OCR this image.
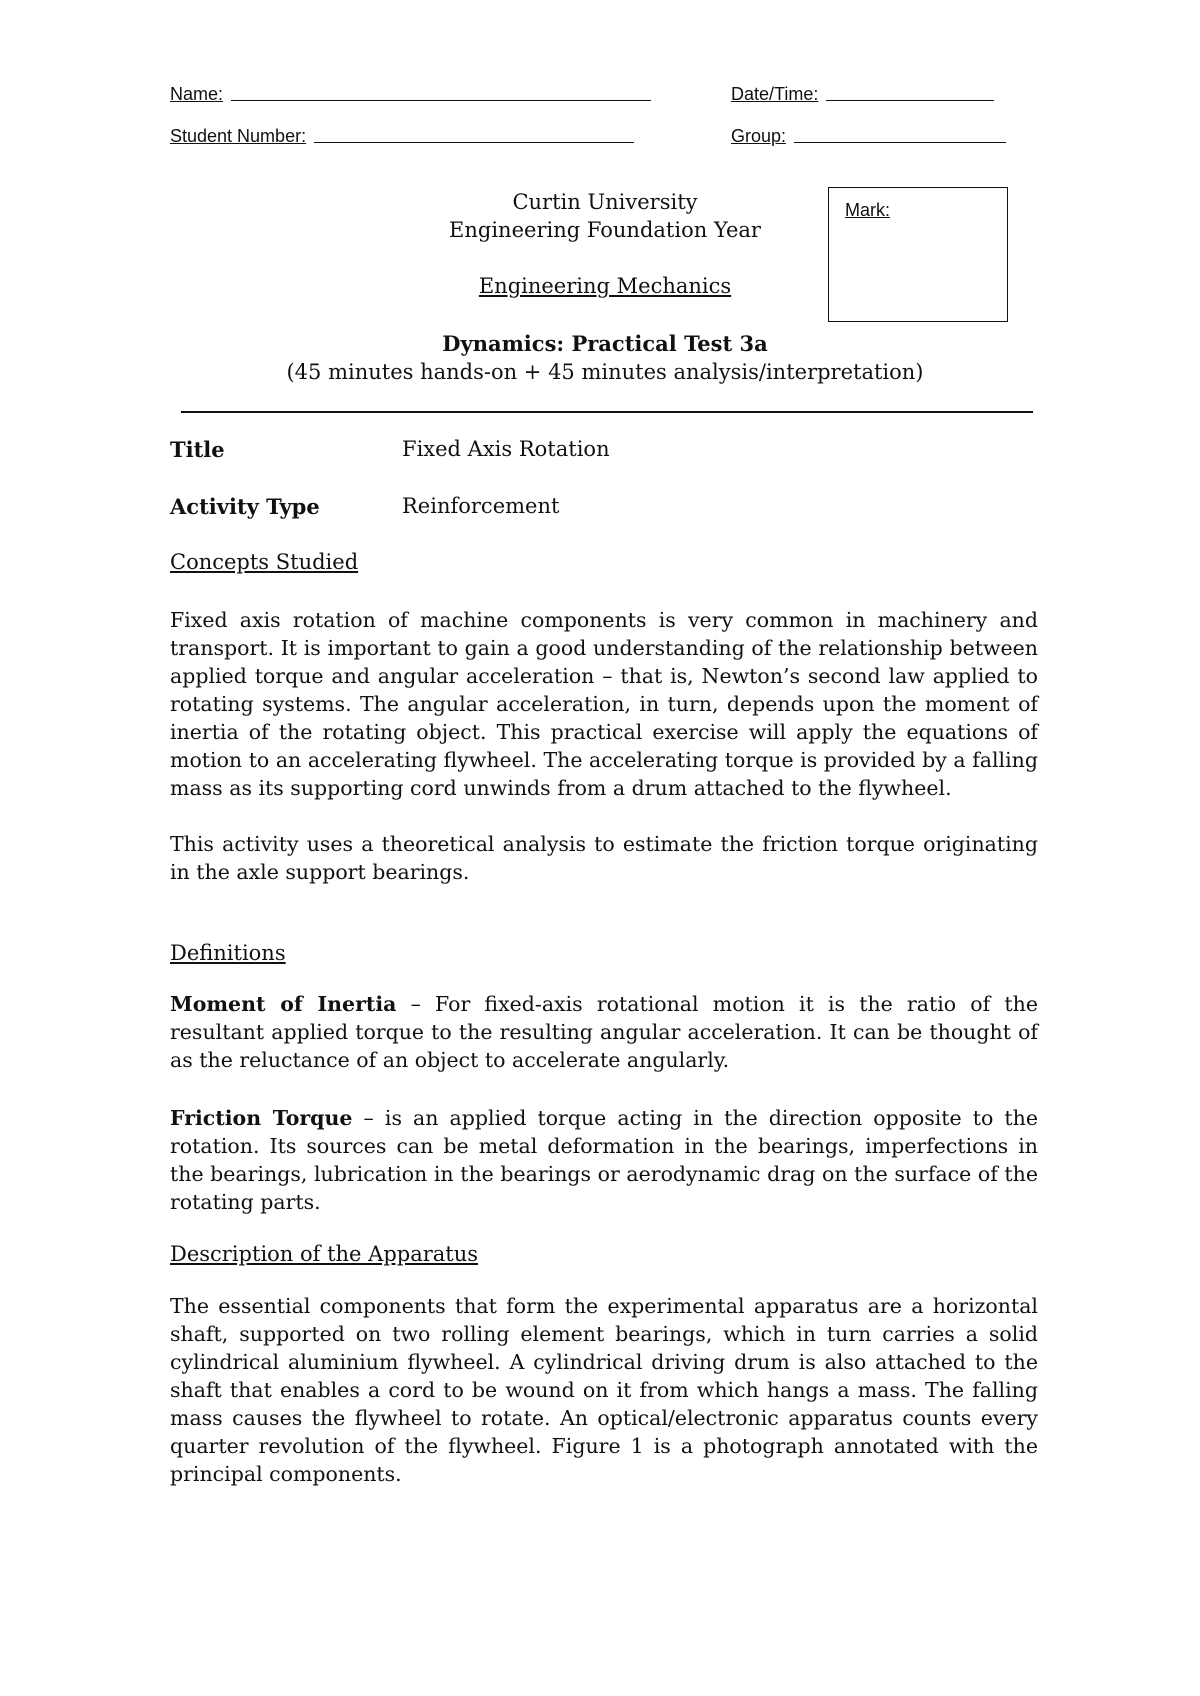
Name:	Date/Time:
Student Number:	Group:
Mark:
Curtin University
Engineering Foundation Year
Engineering Mechanics
Dynamics: Practical Test 3a
(45 minutes hands-on + 45 minutes analysis/interpretation)
Title	Fixed Axis Rotation
Activity Type	Reinforcement
Concepts Studied
Fixed axis rotation of machine components is very common in machinery and transport. It is important to gain a good understanding of the relationship between applied torque and angular acceleration – that is, Newton’s second law applied to rotating systems. The angular acceleration, in turn, depends upon the moment of inertia of the rotating object. This practical exercise will apply the equations of motion to an accelerating flywheel. The accelerating torque is provided by a falling mass as its supporting cord unwinds from a drum attached to the flywheel.
This activity uses a theoretical analysis to estimate the friction torque originating in the axle support bearings.
Definitions
Moment of Inertia – For fixed-axis rotational motion it is the ratio of the resultant applied torque to the resulting angular acceleration. It can be thought of as the reluctance of an object to accelerate angularly.
Friction Torque – is an applied torque acting in the direction opposite to the rotation. Its sources can be metal deformation in the bearings, imperfections in the bearings, lubrication in the bearings or aerodynamic drag on the surface of the rotating parts.
Description of the Apparatus
The essential components that form the experimental apparatus are a horizontal shaft, supported on two rolling element bearings, which in turn carries a solid cylindrical aluminium flywheel. A cylindrical driving drum is also attached to the shaft that enables a cord to be wound on it from which hangs a mass. The falling mass causes the flywheel to rotate. An optical/electronic apparatus counts every quarter revolution of the flywheel. Figure 1 is a photograph annotated with the principal components.
